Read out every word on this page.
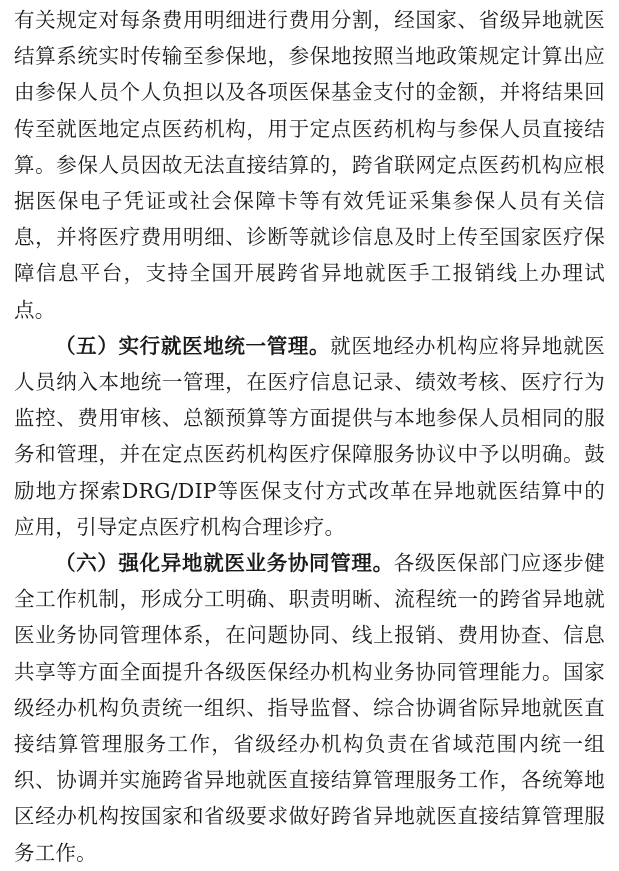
有关规定对每条费用明细进行费用分割，经国家、省级异地就医结算系统实时传输至参保地，参保地按照当地政策规定计算出应由参保人员个人负担以及各项医保基金支付的金额，并将结果回传至就医地定点医药机构，用于定点医药机构与参保人员直接结算。参保人员因故无法直接结算的，跨省联网定点医药机构应根据医保电子凭证或社会保障卡等有效凭证采集参保人员有关信息，并将医疗费用明细、诊断等就诊信息及时上传至国家医疗保障信息平台，支持全国开展跨省异地就医手工报销线上办理试点。

（五）实行就医地统一管理。就医地经办机构应将异地就医人员纳入本地统一管理，在医疗信息记录、绩效考核、医疗行为监控、费用审核、总额预算等方面提供与本地参保人员相同的服务和管理，并在定点医药机构医疗保障服务协议中予以明确。鼓励地方探索DRG/DIP等医保支付方式改革在异地就医结算中的应用，引导定点医疗机构合理诊疗。

（六）强化异地就医业务协同管理。各级医保部门应逐步健全工作机制，形成分工明确、职责明晰、流程统一的跨省异地就医业务协同管理体系，在问题协同、线上报销、费用协查、信息共享等方面全面提升各级医保经办机构业务协同管理能力。国家级经办机构负责统一组织、指导监督、综合协调省际异地就医直接结算管理服务工作，省级经办机构负责在省域范围内统一组织、协调并实施跨省异地就医直接结算管理服务工作，各统筹地区经办机构按国家和省级要求做好跨省异地就医直接结算管理服务工作。
